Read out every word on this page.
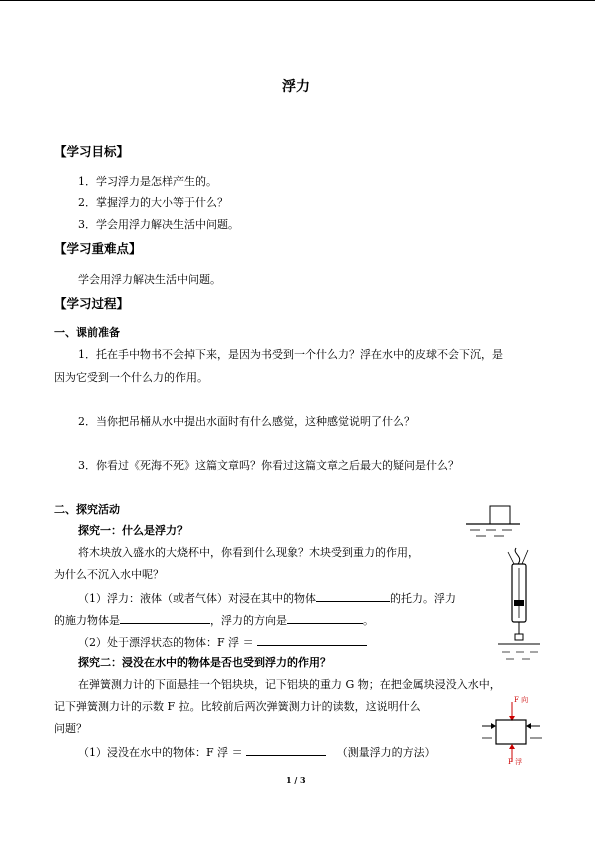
浮力
【学习目标】
1．学习浮力是怎样产生的。
2．掌握浮力的大小等于什么？
3．学会用浮力解决生活中问题。
【学习重难点】
学会用浮力解决生活中问题。
【学习过程】
一、课前准备
1．托在手中物书不会掉下来，是因为书受到一个什么力？浮在水中的皮球不会下沉，是
因为它受到一个什么力的作用。
2．当你把吊桶从水中提出水面时有什么感觉，这种感觉说明了什么？
3．你看过《死海不死》这篇文章吗？你看过这篇文章之后最大的疑问是什么？
二、探究活动
探究一：什么是浮力？
将木块放入盛水的大烧杯中，你看到什么现象？木块受到重力的作用，
为什么不沉入水中呢？
（1）浮力：液体（或者气体）对浸在其中的物体	的托力。浮力
的施力物体是	，浮力的方向是	。
（2）处于漂浮状态的物体：F 浮 ＝
探究二：浸没在水中的物体是否也受到浮力的作用？
在弹簧测力计的下面悬挂一个铝块块，记下铝块的重力 G 物；在把金属块浸没入水中，
记下弹簧测力计的示数 F 拉。比较前后两次弹簧测力计的读数，这说明什么
问题？
（1）浸没在水中的物体：F 浮 ＝	（测量浮力的方法）
F 向
F 浮
1 / 3
